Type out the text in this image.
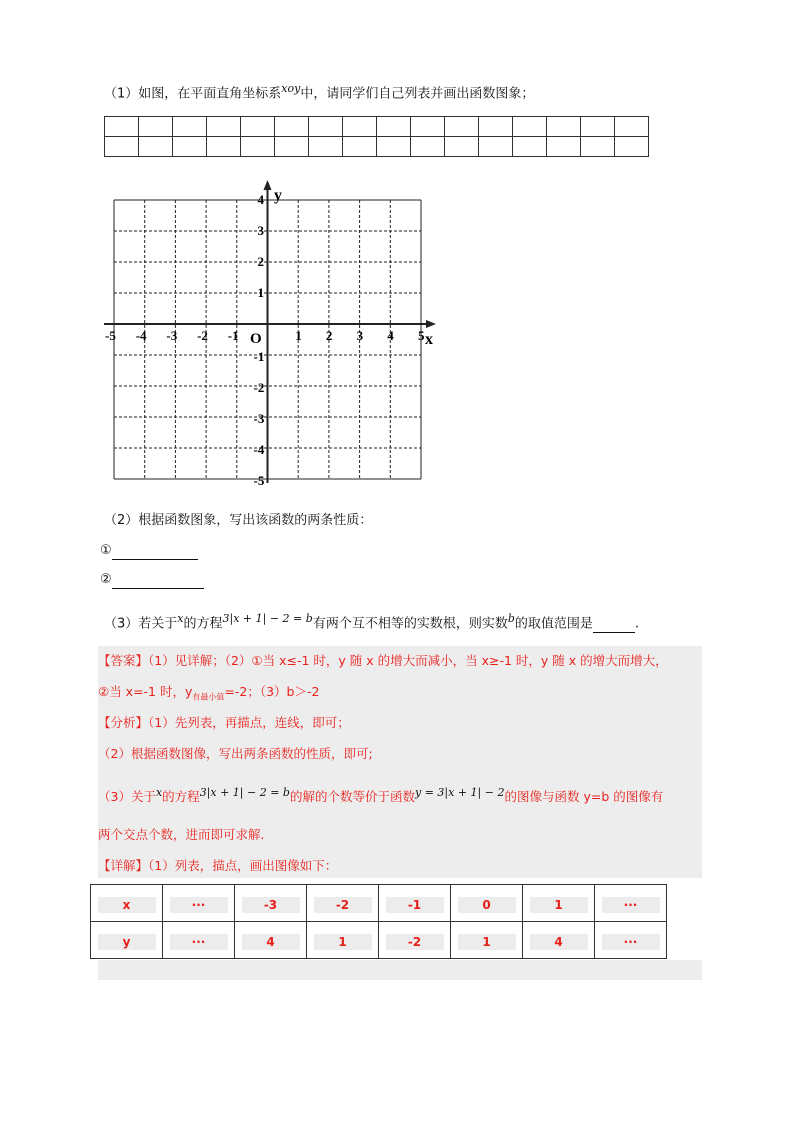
（1）如图，在平面直角坐标系$^{xoy}$中，请同学们自己列表并画出函数图象；

-5 -4 -3 -2 -1	1 2 3 4 5
4
3
2
1
-1
-2
-3
-4
-5
x
y
O
（2）根据函数图象，写出该函数的两条性质：
①
②
（3）若关于$^x$的方程$^{3|x + 1| - 2 = b}$有两个互不相等的实数根，则实数$^b$的取值范围是	.
【答案】（1）见详解；（2）①当 x≤-1 时，y 随 x 的增大而减小，当 x≥-1 时，y 随 x 的增大而增大，
②当 x=-1 时，$y_{有最小值}=-2$；（3）b＞-2
【分析】（1）先列表，再描点，连线，即可；
（2）根据函数图像，写出两条函数的性质，即可;
（3）关于$^x$的方程$^{3|x + 1| - 2 = b}$的解的个数等价于函数$^{y = 3|x + 1| - 2}$的图像与函数 y=b 的图像有
两个交点个数，进而即可求解.
【详解】（1）列表，描点，画出图像如下：
x	···	-3	-2	-1	0	1	···
y	···	4	1	-2	1	4	···
